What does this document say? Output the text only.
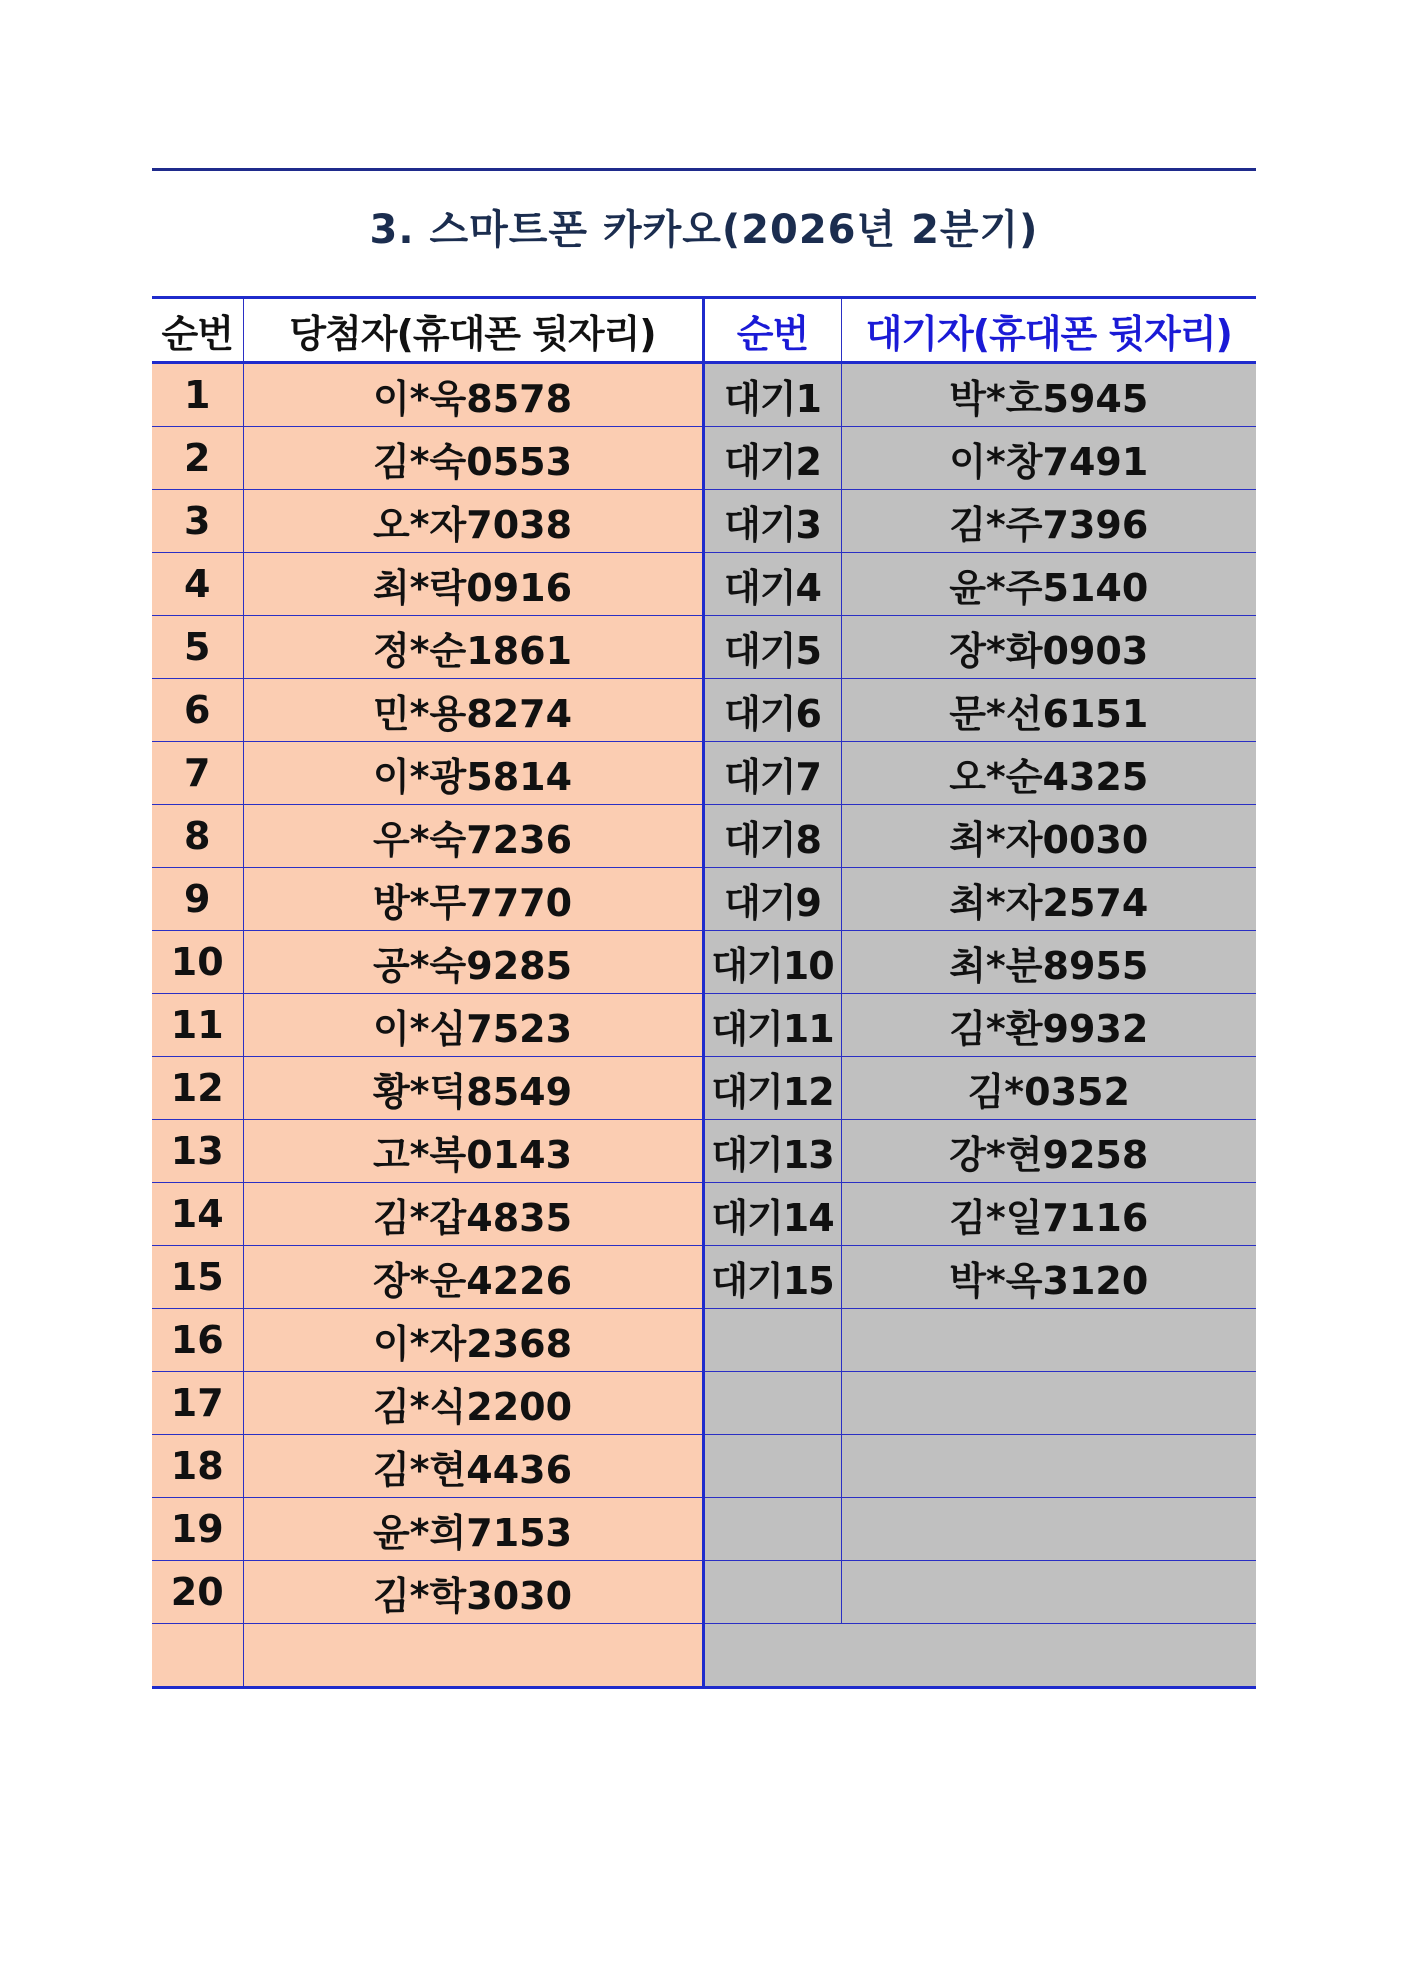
3. 스마트폰 카카오(2026년 2분기)
순번	당첨자(휴대폰 뒷자리)	순번	대기자(휴대폰 뒷자리)
1	이*욱8578	대기1	박*호5945
2	김*숙0553	대기2	이*창7491
3	오*자7038	대기3	김*주7396
4	최*락0916	대기4	윤*주5140
5	정*순1861	대기5	장*화0903
6	민*용8274	대기6	문*선6151
7	이*광5814	대기7	오*순4325
8	우*숙7236	대기8	최*자0030
9	방*무7770	대기9	최*자2574
10	공*숙9285	대기10	최*분8955
11	이*심7523	대기11	김*환9932
12	황*덕8549	대기12	김*0352
13	고*복0143	대기13	강*현9258
14	김*갑4835	대기14	김*일7116
15	장*운4226	대기15	박*옥3120
16	이*자2368		
17	김*식2200		
18	김*현4436		
19	윤*희7153		
20	김*학3030		
